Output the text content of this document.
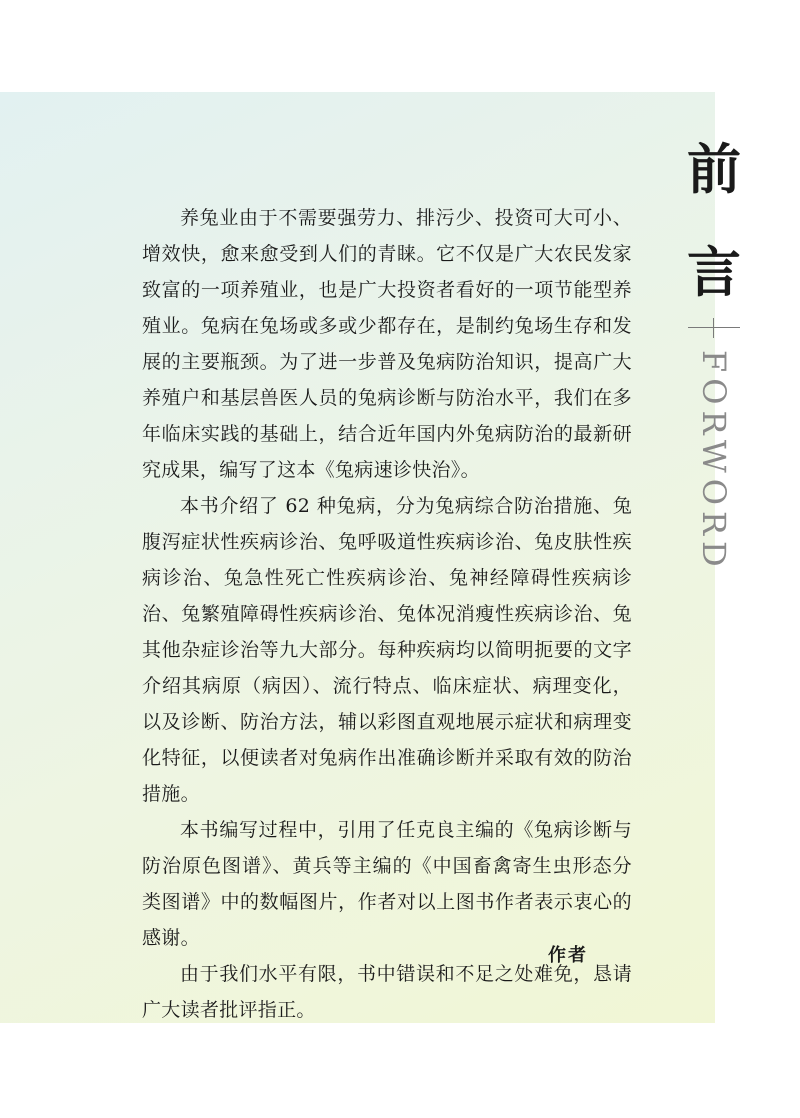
前
言
FORWORD

养兔业由于不需要强劳力、排污少、投资可大可小、增效快，愈来愈受到人们的青睐。它不仅是广大农民发家致富的一项养殖业，也是广大投资者看好的一项节能型养殖业。兔病在兔场或多或少都存在，是制约兔场生存和发展的主要瓶颈。为了进一步普及兔病防治知识，提高广大养殖户和基层兽医人员的兔病诊断与防治水平，我们在多年临床实践的基础上，结合近年国内外兔病防治的最新研究成果，编写了这本《兔病速诊快治》。

本书介绍了 62 种兔病，分为兔病综合防治措施、兔腹泻症状性疾病诊治、兔呼吸道性疾病诊治、兔皮肤性疾病诊治、兔急性死亡性疾病诊治、兔神经障碍性疾病诊治、兔繁殖障碍性疾病诊治、兔体况消瘦性疾病诊治、兔其他杂症诊治等九大部分。每种疾病均以简明扼要的文字介绍其病原（病因）、流行特点、临床症状、病理变化，以及诊断、防治方法，辅以彩图直观地展示症状和病理变化特征，以便读者对兔病作出准确诊断并采取有效的防治措施。

本书编写过程中，引用了任克良主编的《兔病诊断与防治原色图谱》、黄兵等主编的《中国畜禽寄生虫形态分类图谱》中的数幅图片，作者对以上图书作者表示衷心的感谢。

由于我们水平有限，书中错误和不足之处难免，恳请广大读者批评指正。

作者
